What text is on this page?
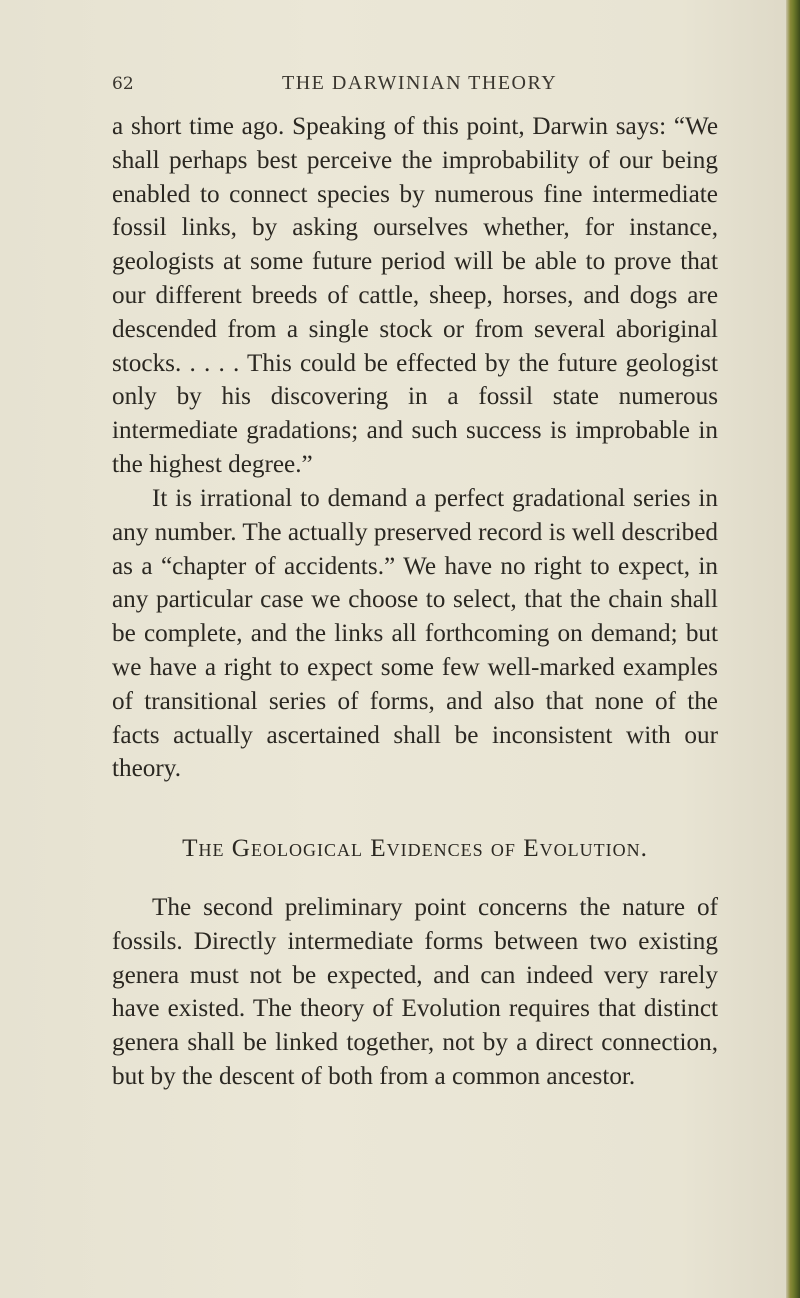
62	THE DARWINIAN THEORY

a short time ago. Speaking of this point, Darwin says: “We shall perhaps best perceive the improbability of our being enabled to connect species by numerous fine intermediate fossil links, by asking ourselves whether, for instance, geologists at some future period will be able to prove that our different breeds of cattle, sheep, horses, and dogs are descended from a single stock or from several aboriginal stocks. . . . . This could be effected by the future geologist only by his discovering in a fossil state numerous intermediate gradations; and such success is improbable in the highest degree.”

It is irrational to demand a perfect gradational series in any number. The actually preserved record is well described as a “chapter of accidents.” We have no right to expect, in any particular case we choose to select, that the chain shall be complete, and the links all forthcoming on demand; but we have a right to expect some few well-marked examples of transitional series of forms, and also that none of the facts actually ascertained shall be inconsistent with our theory.

The Geological Evidences of Evolution.

The second preliminary point concerns the nature of fossils. Directly intermediate forms between two existing genera must not be expected, and can indeed very rarely have existed. The theory of Evolution requires that distinct genera shall be linked together, not by a direct connection, but by the descent of both from a common ancestor.
